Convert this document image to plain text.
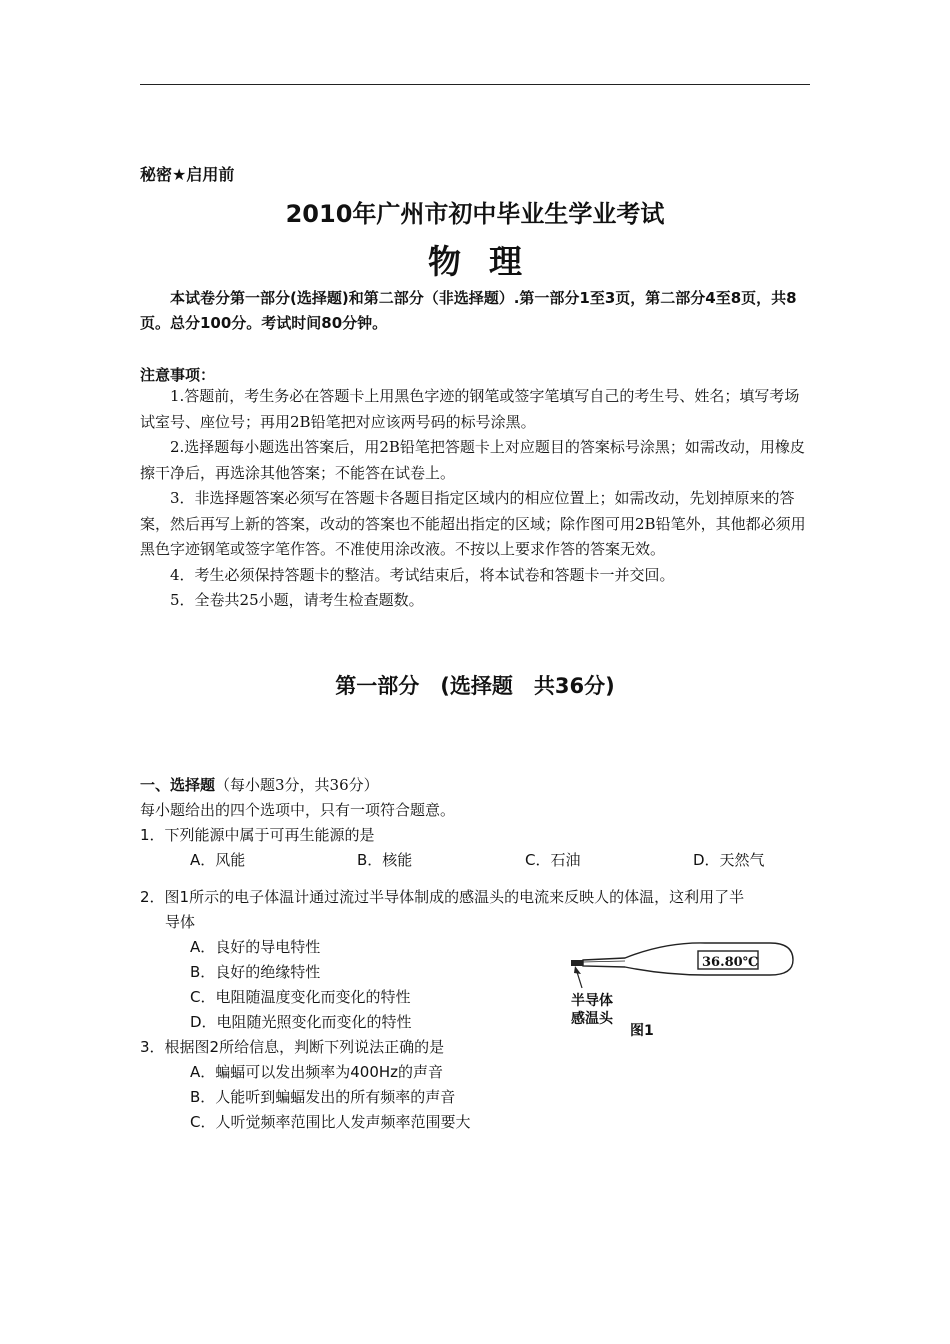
秘密★启用前
2010年广州市初中毕业生学业考试
物理
本试卷分第一部分(选择题)和第二部分（非选择题）.第一部分1至3页，第二部分4至8页，共8页。总分100分。考试时间80分钟。
注意事项：

1.答题前，考生务必在答题卡上用黑色字迹的钢笔或签字笔填写自己的考生号、姓名；填写考场试室号、座位号；再用2B铅笔把对应该两号码的标号涂黑。

2.选择题每小题选出答案后，用2B铅笔把答题卡上对应题目的答案标号涂黑；如需改动，用橡皮擦干净后，再选涂其他答案；不能答在试卷上。

3．非选择题答案必须写在答题卡各题目指定区域内的相应位置上；如需改动，先划掉原来的答案，然后再写上新的答案，改动的答案也不能超出指定的区域；除作图可用2B铅笔外，其他都必须用黑色字迹钢笔或签字笔作答。不准使用涂改液。不按以上要求作答的答案无效。

4．考生必须保持答题卡的整洁。考试结束后，将本试卷和答题卡一并交回。

5．全卷共25小题，请考生检查题数。

第一部分　(选择题　共36分)
一、选择题（每小题3分，共36分）
每小题给出的四个选项中，只有一项符合题意。
1．下列能源中属于可再生能源的是
A．风能	B．核能	C．石油	D．天然气
2．图1所示的电子体温计通过流过半导体制成的感温头的电流来反映人的体温，这利用了半
导体
A．良好的导电特性
B．良好的绝缘特性
C．电阻随温度变化而变化的特性
D．电阻随光照变化而变化的特性
36.80℃
半导体
感温头
图1
3．根据图2所给信息，判断下列说法正确的是
A．蝙蝠可以发出频率为400Hz的声音
B．人能听到蝙蝠发出的所有频率的声音
C．人听觉频率范围比人发声频率范围要大
